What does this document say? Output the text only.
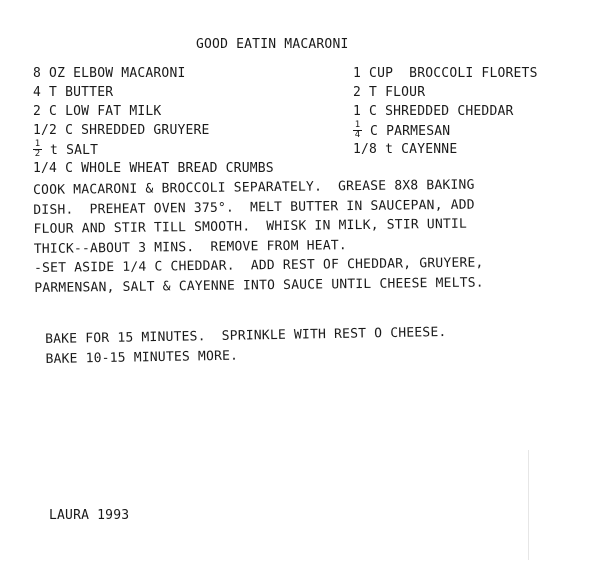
GOOD EATIN MACARONI
8 OZ ELBOW MACARONI
4 T BUTTER
2 C LOW FAT MILK
1/2 C SHREDDED GRUYERE
$\frac{1}{2}$ t SALT
1/4 C WHOLE WHEAT BREAD CRUMBS
1 CUP  BROCCOLI FLORETS
2 T FLOUR
1 C SHREDDED CHEDDAR
$\frac{1}{4}$ C PARMESAN
1/8 t CAYENNE
COOK MACARONI & BROCCOLI SEPARATELY.  GREASE 8X8 BAKING
DISH.  PREHEAT OVEN 375°.  MELT BUTTER IN SAUCEPAN, ADD
FLOUR AND STIR TILL SMOOTH.  WHISK IN MILK, STIR UNTIL
THICK--ABOUT 3 MINS.  REMOVE FROM HEAT.
-SET ASIDE 1/4 C CHEDDAR.  ADD REST OF CHEDDAR, GRUYERE,
PARMENSAN, SALT & CAYENNE INTO SAUCE UNTIL CHEESE MELTS.
BAKE FOR 15 MINUTES.  SPRINKLE WITH REST O CHEESE.
BAKE 10-15 MINUTES MORE.
LAURA 1993
